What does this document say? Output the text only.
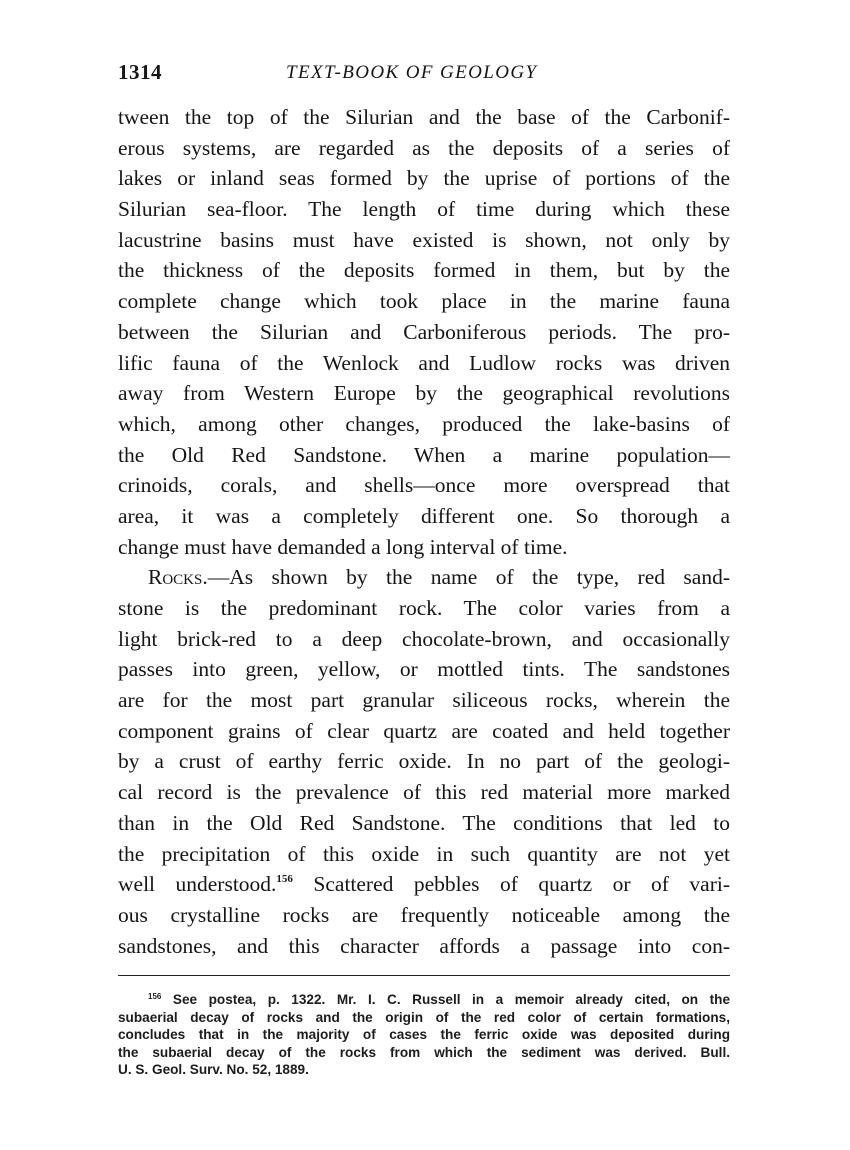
1314	TEXT-BOOK OF GEOLOGY
tween the top of the Silurian and the base of the Carbonif-
erous systems, are regarded as the deposits of a series of
lakes or inland seas formed by the uprise of portions of the
Silurian sea-floor. The length of time during which these
lacustrine basins must have existed is shown, not only by
the thickness of the deposits formed in them, but by the
complete change which took place in the marine fauna
between the Silurian and Carboniferous periods. The pro-
lific fauna of the Wenlock and Ludlow rocks was driven
away from Western Europe by the geographical revolutions
which, among other changes, produced the lake-basins of
the Old Red Sandstone. When a marine population—
crinoids, corals, and shells—once more overspread that
area, it was a completely different one. So thorough a
change must have demanded a long interval of time.
Rocks.—As shown by the name of the type, red sand-
stone is the predominant rock. The color varies from a
light brick-red to a deep chocolate-brown, and occasionally
passes into green, yellow, or mottled tints. The sandstones
are for the most part granular siliceous rocks, wherein the
component grains of clear quartz are coated and held together
by a crust of earthy ferric oxide. In no part of the geologi-
cal record is the prevalence of this red material more marked
than in the Old Red Sandstone. The conditions that led to
the precipitation of this oxide in such quantity are not yet
well understood.$^{156}$ Scattered pebbles of quartz or of vari-
ous crystalline rocks are frequently noticeable among the
sandstones, and this character affords a passage into con-
$^{156}$ See postea, p. 1322. Mr. I. C. Russell in a memoir already cited, on the
subaerial decay of rocks and the origin of the red color of certain formations,
concludes that in the majority of cases the ferric oxide was deposited during
the subaerial decay of the rocks from which the sediment was derived. Bull.
U. S. Geol. Surv. No. 52, 1889.
